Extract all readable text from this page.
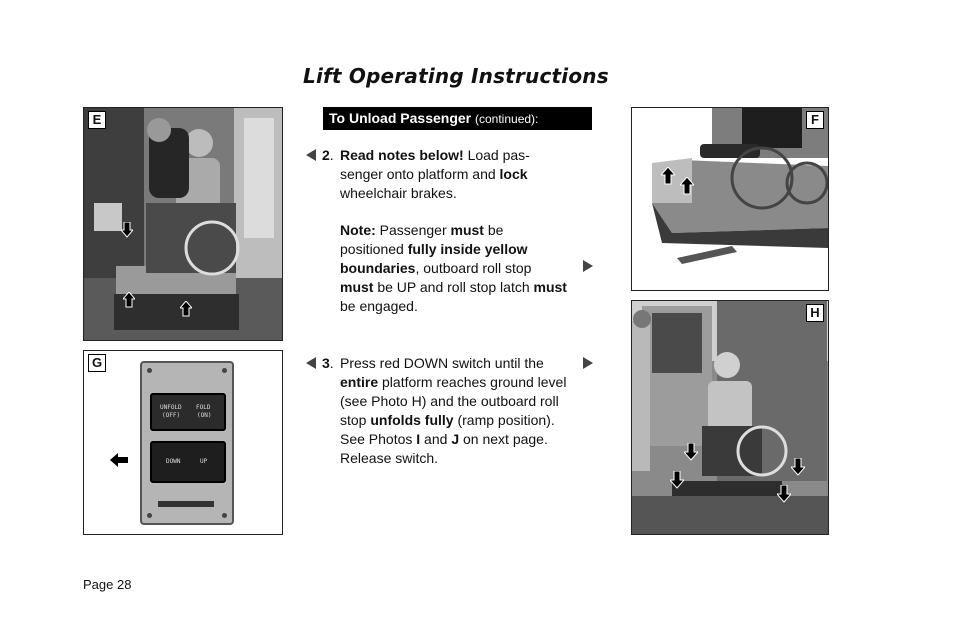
Lift Operating Instructions
E
G
UNFOLD
(OFF)
FOLD
(ON)
DOWN	UP
F
H
To Unload Passenger (continued):
2. Read notes below! Load pas-senger onto platform and lock wheelchair brakes.
Note: Passenger must be positioned fully inside yellow boundaries, outboard roll stop must be UP and roll stop latch must be engaged.
3. Press red DOWN switch until the entire platform reaches ground level (see Photo H) and the outboard roll stop unfolds fully (ramp position). See Photos I and J on next page. Release switch.
Page 28
